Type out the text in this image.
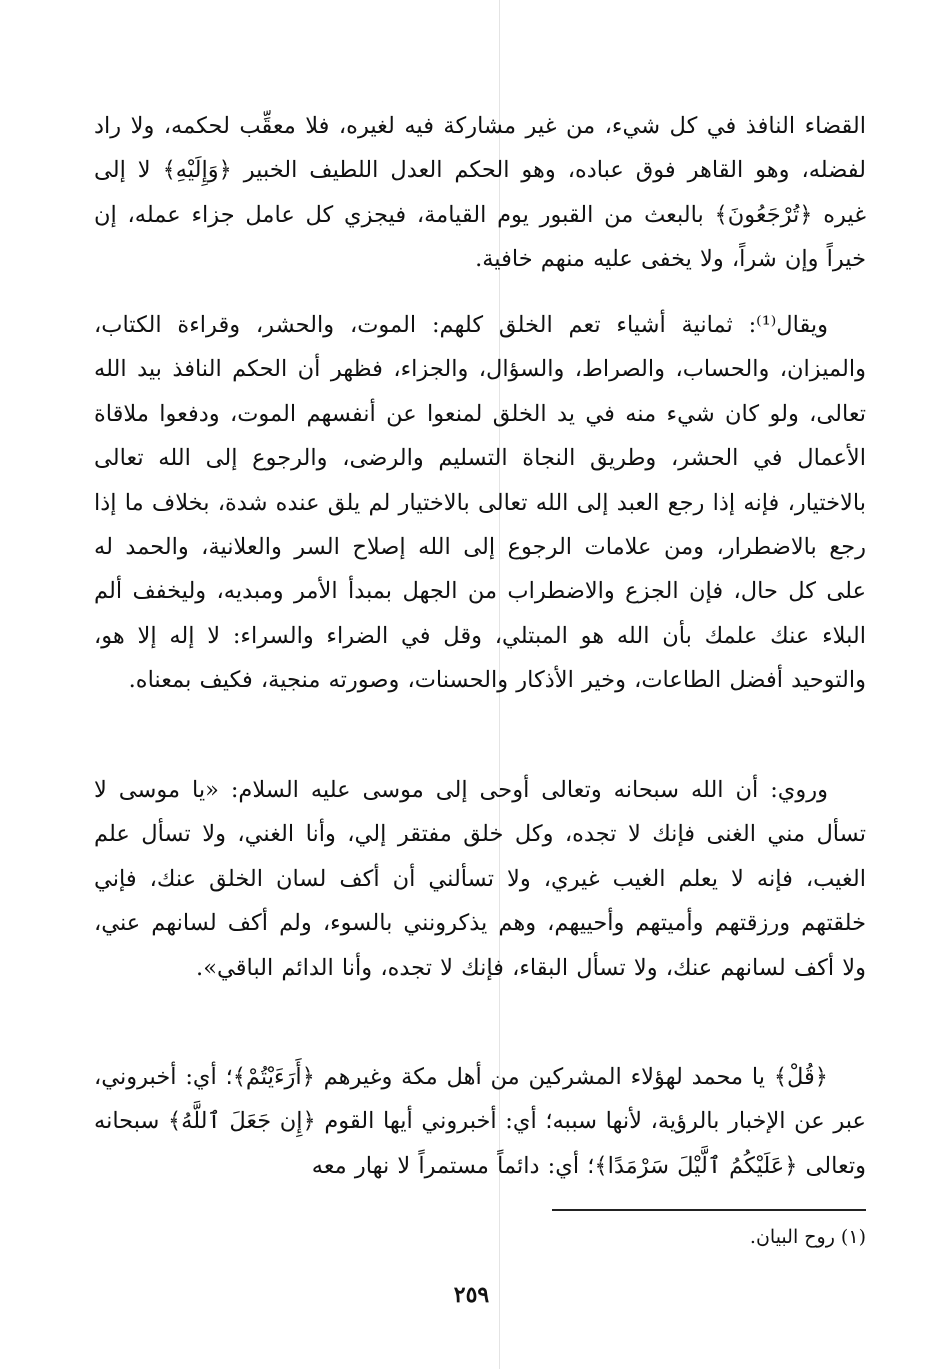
القضاء النافذ في كل شيء، من غير مشاركة فيه لغيره، فلا معقِّب لحكمه، ولا راد لفضله، وهو القاهر فوق عباده، وهو الحكم العدل اللطيف الخبير ﴿وَإِلَيْهِ﴾ لا إلى غيره ﴿تُرْجَعُونَ﴾ بالبعث من القبور يوم القيامة، فيجزي كل عامل جزاء عمله، إن خيراً وإن شراً، ولا يخفى عليه منهم خافية.

ويقال⁽¹⁾: ثمانية أشياء تعم الخلق كلهم: الموت، والحشر، وقراءة الكتاب، والميزان، والحساب، والصراط، والسؤال، والجزاء، فظهر أن الحكم النافذ بيد الله تعالى، ولو كان شيء منه في يد الخلق لمنعوا عن أنفسهم الموت، ودفعوا ملاقاة الأعمال في الحشر، وطريق النجاة التسليم والرضى، والرجوع إلى الله تعالى بالاختيار، فإنه إذا رجع العبد إلى الله تعالى بالاختيار لم يلق عنده شدة، بخلاف ما إذا رجع بالاضطرار، ومن علامات الرجوع إلى الله إصلاح السر والعلانية، والحمد له على كل حال، فإن الجزع والاضطراب من الجهل بمبدأ الأمر ومبديه، وليخفف ألم البلاء عنك علمك بأن الله هو المبتلي، وقل في الضراء والسراء: لا إله إلا هو، والتوحيد أفضل الطاعات، وخير الأذكار والحسنات، وصورته منجية، فكيف بمعناه.

وروي: أن الله سبحانه وتعالى أوحى إلى موسى عليه السلام: «يا موسى لا تسأل مني الغنى فإنك لا تجده، وكل خلق مفتقر إلي، وأنا الغني، ولا تسأل علم الغيب، فإنه لا يعلم الغيب غيري، ولا تسألني أن أكف لسان الخلق عنك، فإني خلقتهم ورزقتهم وأميتهم وأحييهم، وهم يذكرونني بالسوء، ولم أكف لسانهم عني، ولا أكف لسانهم عنك، ولا تسأل البقاء، فإنك لا تجده، وأنا الدائم الباقي».

﴿قُلْ﴾ يا محمد لهؤلاء المشركين من أهل مكة وغيرهم ﴿أَرَءَيْتُمْ﴾؛ أي: أخبروني، عبر عن الإخبار بالرؤية، لأنها سببه؛ أي: أخبروني أيها القوم ﴿إِن جَعَلَ ٱللَّهُ﴾ سبحانه وتعالى ﴿عَلَيْكُمُ ٱلَّيْلَ سَرْمَدًا﴾؛ أي: دائماً مستمراً لا نهار معه

(١) روح البيان.
٢٥٩
